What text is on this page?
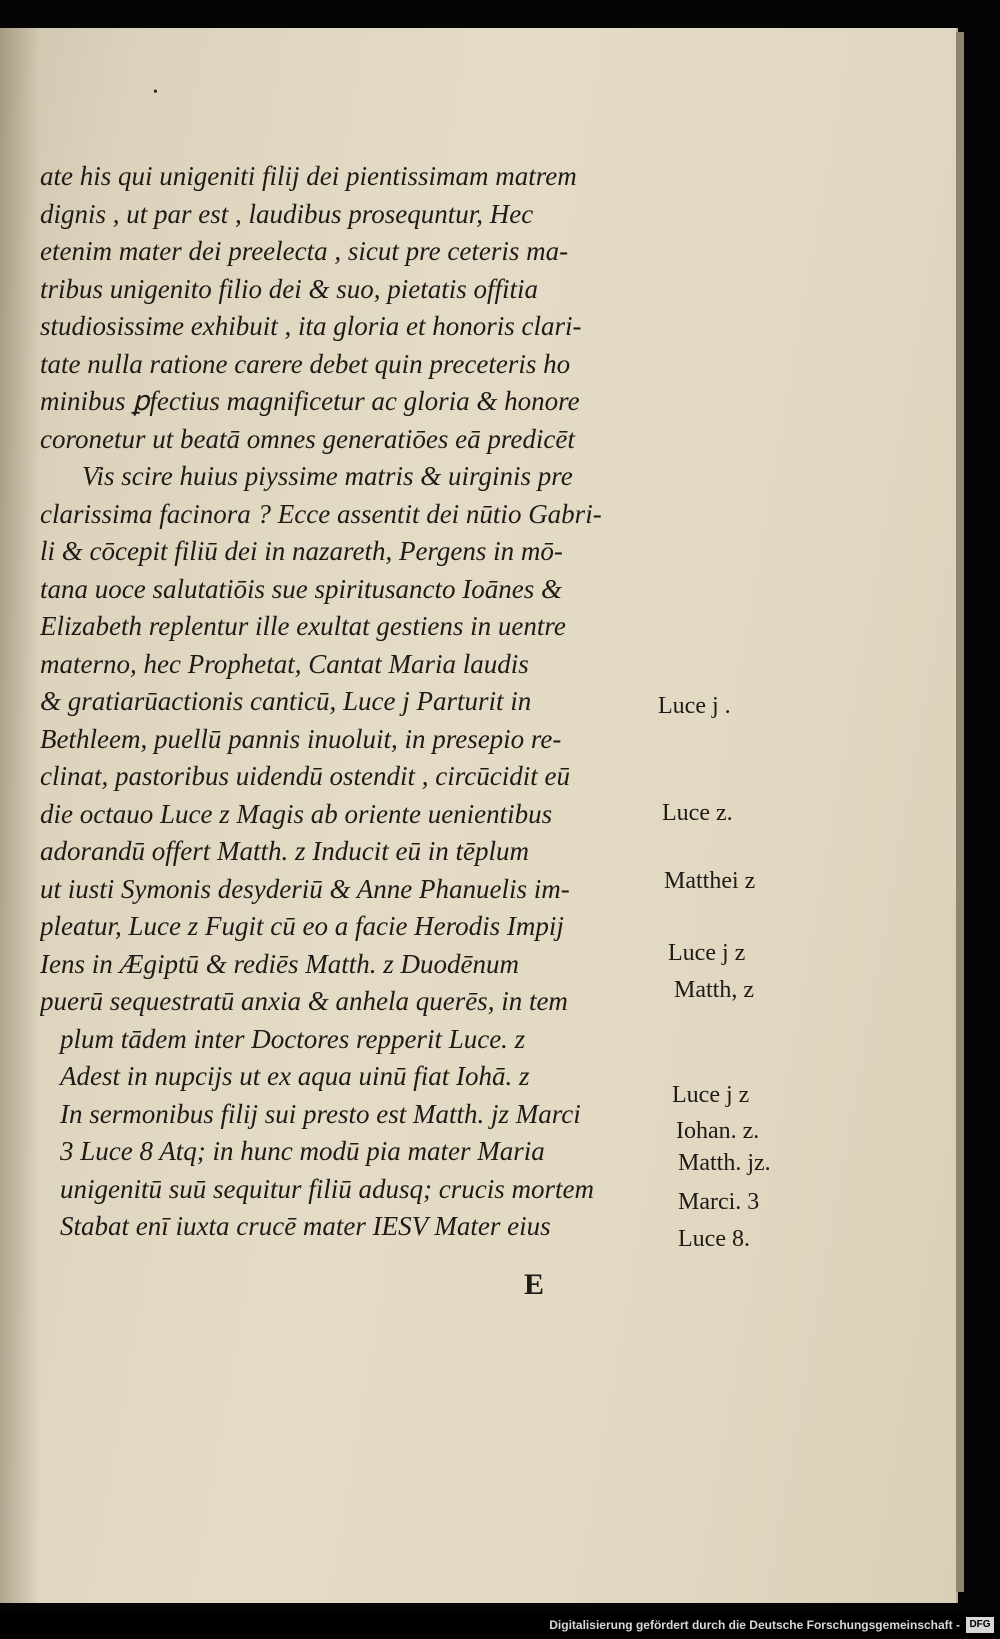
•
ate his qui unigeniti filij dei pientissimam matrem
dignis , ut par est , laudibus prosequntur, Hec
etenim mater dei preelecta , sicut pre ceteris ma-
tribus unigenito filio dei & suo, pietatis offitia
studiosissime exhibuit , ita gloria et honoris clari-
tate nulla ratione carere debet quin preceteris ho
minibus ꝑfectius magnificetur ac gloria & honore
coronetur ut beatā omnes generatiōes eā predicēt
Vis scire huius piyssime matris & uirginis pre
clarissima facinora ? Ecce assentit dei nūtio Gabri-
li & cōcepit filiū dei in nazareth, Pergens in mō-
tana uoce salutatiōis sue spiritusancto Ioānes &
Elizabeth replentur ille exultat gestiens in uentre
materno, hec Prophetat, Cantat Maria laudis
& gratiarūactionis canticū, Luce j Parturit in
Bethleem, puellū pannis inuoluit, in presepio re-
clinat, pastoribus uidendū ostendit , circūcidit eū
die octauo Luce z Magis ab oriente uenientibus
adorandū offert Matth. z Inducit eū in tēplum
ut iusti Symonis desyderiū & Anne Phanuelis im-
pleatur, Luce z Fugit cū eo a facie Herodis Impij
Iens in Ægiptū & rediēs Matth. z Duodēnum
puerū sequestratū anxia & anhela querēs, in tem
plum tādem inter Doctores repperit Luce. z
Adest in nupcijs ut ex aqua uinū fiat Iohā. z
In sermonibus filij sui presto est Matth. jz Marci
3 Luce 8 Atq; in hunc modū pia mater Maria
unigenitū suū sequitur filiū adusq; crucis mortem
Stabat enī iuxta crucē mater IESV Mater eius
E
Luce j .
Luce z.
Matthei z
Luce j z
Matth, z
Luce j z
Iohan. z.
Matth. jz.
Marci. 3
Luce 8.
Digitalisierung gefördert durch die Deutsche Forschungsgemeinschaft - DFG
